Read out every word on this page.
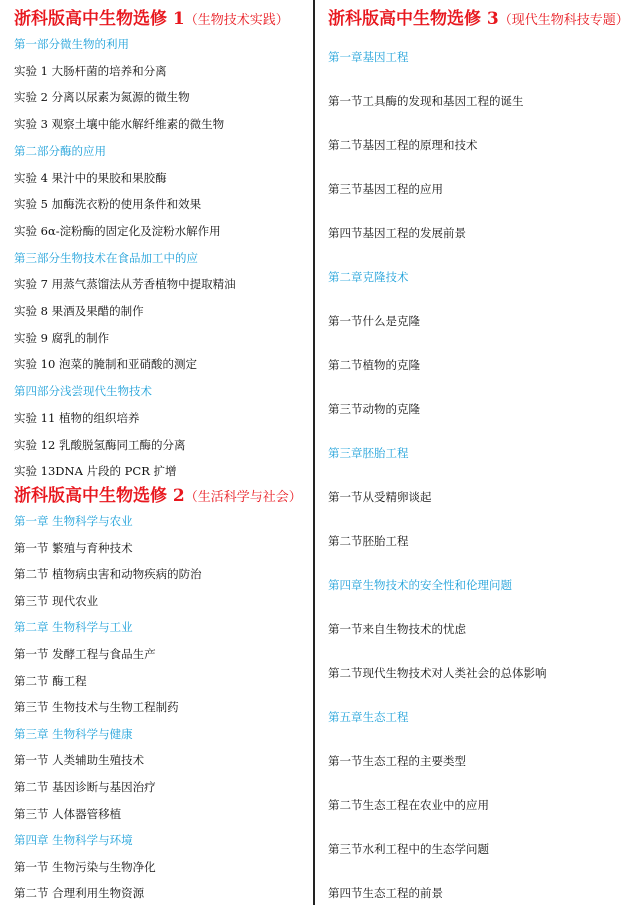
浙科版高中生物选修 1（生物技术实践）
第一部分微生物的利用
实验 1 大肠杆菌的培养和分离
实验 2 分离以尿素为氮源的微生物
实验 3 观察土壤中能水解纤维素的微生物
第二部分酶的应用
实验 4 果汁中的果胶和果胶酶
实验 5 加酶洗衣粉的使用条件和效果
实验 6α-淀粉酶的固定化及淀粉水解作用
第三部分生物技术在食品加工中的应
实验 7 用蒸气蒸馏法从芳香植物中提取精油
实验 8 果酒及果醋的制作
实验 9 腐乳的制作
实验 10 泡菜的腌制和亚硝酸的测定
第四部分浅尝现代生物技术
实验 11 植物的组织培养
实验 12 乳酸脱氢酶同工酶的分离
实验 13DNA 片段的 PCR 扩增
浙科版高中生物选修 2（生活科学与社会）
第一章 生物科学与农业
第一节 繁殖与育种技术
第二节 植物病虫害和动物疾病的防治
第三节 现代农业
第二章 生物科学与工业
第一节 发酵工程与食品生产
第二节 酶工程
第三节 生物技术与生物工程制药
第三章 生物科学与健康
第一节 人类辅助生殖技术
第二节 基因诊断与基因治疗
第三节 人体器管移植
第四章 生物科学与环境
第一节 生物污染与生物净化
第二节 合理利用生物资源
浙科版高中生物选修 3（现代生物科技专题）
第一章基因工程
第一节工具酶的发现和基因工程的诞生
第二节基因工程的原理和技术
第三节基因工程的应用
第四节基因工程的发展前景
第二章克隆技术
第一节什么是克隆
第二节植物的克隆
第三节动物的克隆
第三章胚胎工程
第一节从受精卵谈起
第二节胚胎工程
第四章生物技术的安全性和伦理问题
第一节来自生物技术的忧虑
第二节现代生物技术对人类社会的总体影响
第五章生态工程
第一节生态工程的主要类型
第二节生态工程在农业中的应用
第三节水利工程中的生态学问题
第四节生态工程的前景
